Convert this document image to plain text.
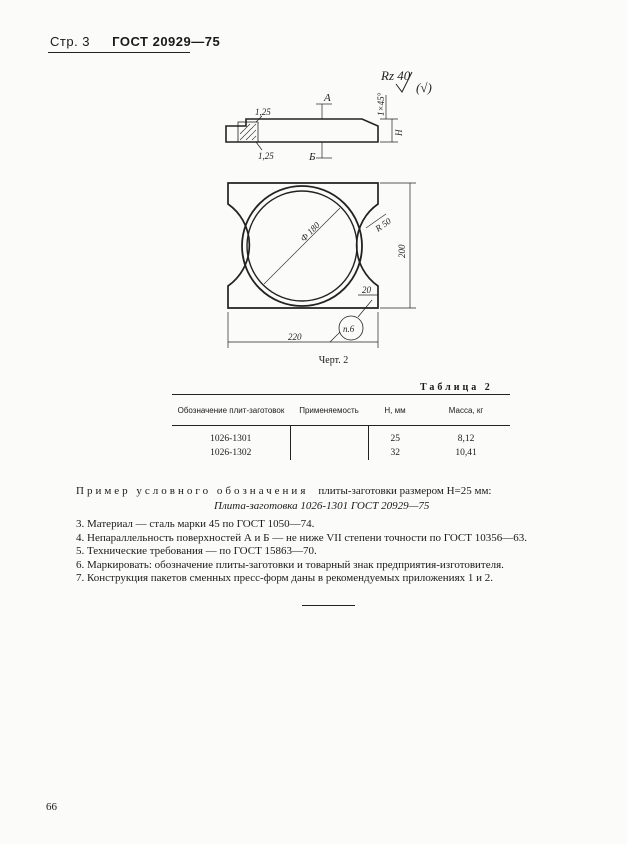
Стр. 3 ГОСТ 20929—75
Rz 40
(√)
1×45°
H
1,25
1,25
А
Б
Ф 180	R 50
200
20
220
п.6
Черт. 2
Таблица 2
Обозначение плит-заготовок	Применяемость	H, мм	Масса, кг

1026-1301		25	8,12
1026-1302		32	10,41
Пример условного обозначения плиты-заготовки размером H=25 мм:
Плита-заготовка 1026-1301 ГОСТ 20929—75
3. Материал — сталь марки 45 по ГОСТ 1050—74.
4. Непараллельность поверхностей А и Б — не ниже VII степени точности по ГОСТ 10356—63.
5. Технические требования — по ГОСТ 15863—70.
6. Маркировать: обозначение плиты-заготовки и товарный знак предприятия-изготовителя.
7. Конструкция пакетов сменных пресс-форм даны в рекомендуемых приложениях 1 и 2.
66
